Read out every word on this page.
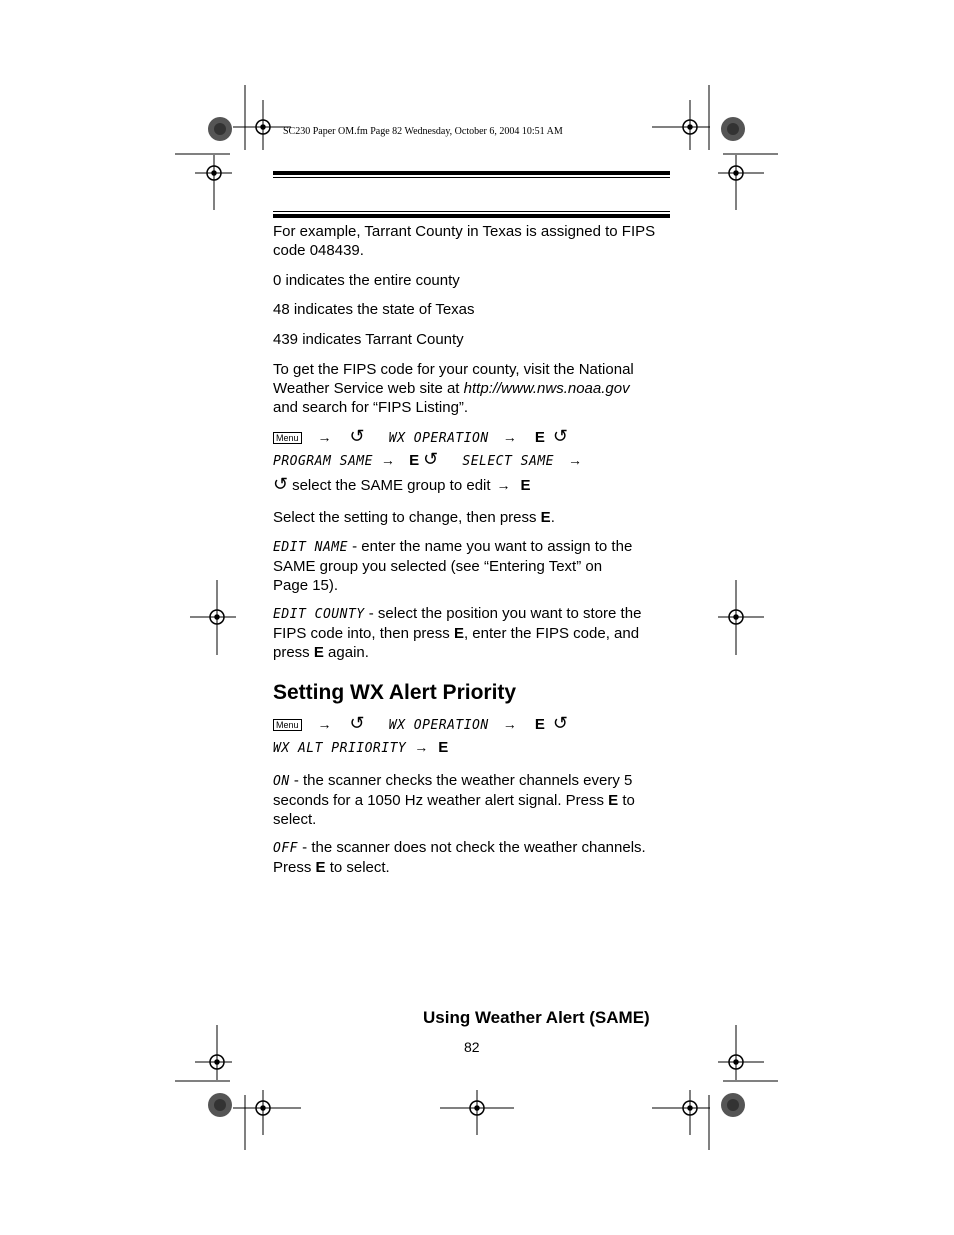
SC230 Paper OM.fm Page 82 Wednesday, October 6, 2004 10:51 AM
For example, Tarrant County in Texas is assigned to FIPS
code 048439.
0 indicates the entire county
48 indicates the state of Texas
439 indicates Tarrant County
To get the FIPS code for your county, visit the National
Weather Service web site at http://www.nws.noaa.gov
and search for “FIPS Listing”.
Menu → ↺ WX OPERATION → E ↺
PROGRAM SAME → E ↺ SELECT SAME →
↺ select the SAME group to edit → E
Select the setting to change, then press E.
EDIT NAME - enter the name you want to assign to the
SAME group you selected (see “Entering Text” on
Page 15).
EDIT COUNTY - select the position you want to store the
FIPS code into, then press E, enter the FIPS code, and
press E again.
Setting WX Alert Priority
Menu → ↺ WX OPERATION → E ↺
WX ALT PRIIORITY → E
ON - the scanner checks the weather channels every 5
seconds for a 1050 Hz weather alert signal. Press E to
select.
OFF - the scanner does not check the weather channels.
Press E to select.
Using Weather Alert (SAME)
82
